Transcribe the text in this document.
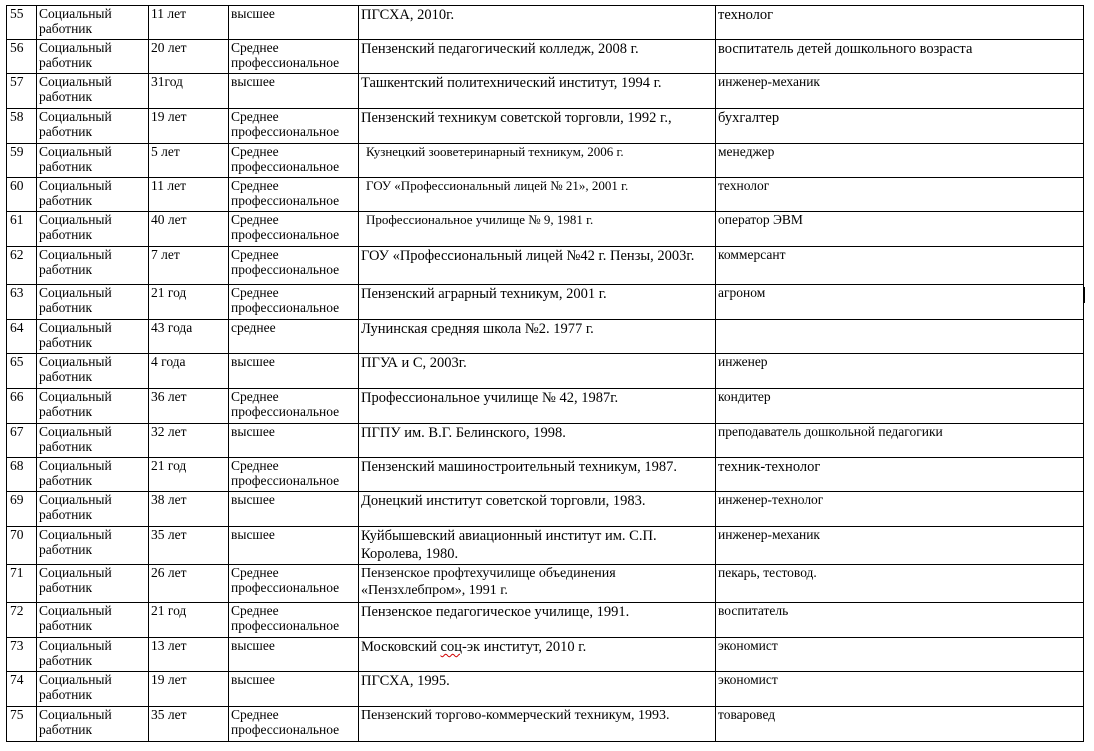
55	Социальный работник	11 лет	высшее	ПГСХА, 2010г.	технолог
56	Социальный работник	20 лет	Среднее профессиональное	Пензенский педагогический колледж, 2008 г.	воспитатель детей дошкольного возраста
57	Социальный работник	31год	высшее	Ташкентский политехнический институт, 1994 г.	инженер-механик
58	Социальный работник	19 лет	Среднее профессиональное	Пензенский техникум советской торговли, 1992 г.,	бухгалтер
59	Социальный работник	5 лет	Среднее профессиональное	Кузнецкий зооветеринарный техникум, 2006 г.	менеджер
60	Социальный работник	11 лет	Среднее профессиональное	ГОУ «Профессиональный лицей № 21», 2001 г.	технолог
61	Социальный работник	40 лет	Среднее профессиональное	Профессиональное училище № 9, 1981 г.	оператор ЭВМ
62	Социальный работник	7 лет	Среднее профессиональное	ГОУ «Профессиональный лицей №42 г. Пензы, 2003г.	коммерсант
63	Социальный работник	21 год	Среднее профессиональное	Пензенский аграрный техникум, 2001 г.	агроном
64	Социальный работник	43 года	среднее	Лунинская средняя школа №2. 1977 г.	
65	Социальный работник	4 года	высшее	ПГУА и С, 2003г.	инженер
66	Социальный работник	36 лет	Среднее профессиональное	Профессиональное училище № 42, 1987г.	кондитер
67	Социальный работник	32 лет	высшее	ПГПУ им. В.Г. Белинского, 1998.	преподаватель дошкольной педагогики
68	Социальный работник	21 год	Среднее профессиональное	Пензенский машиностроительный техникум, 1987.	техник-технолог
69	Социальный работник	38 лет	высшее	Донецкий институт советской торговли, 1983.	инженер-технолог
70	Социальный работник	35 лет	высшее	Куйбышевский авиационный институт им. С.П. Королева, 1980.	инженер-механик
71	Социальный работник	26 лет	Среднее профессиональное	Пензенское профтехучилище объединения «Пензхлебпром», 1991 г.	пекарь, тестовод.
72	Социальный работник	21 год	Среднее профессиональное	Пензенское педагогическое училище, 1991.	воспитатель
73	Социальный работник	13 лет	высшее	Московский соц-эк институт, 2010 г.	экономист
74	Социальный работник	19 лет	высшее	ПГСХА, 1995.	экономист
75	Социальный работник	35 лет	Среднее профессиональное	Пензенский торгово-коммерческий техникум, 1993.	товаровед
